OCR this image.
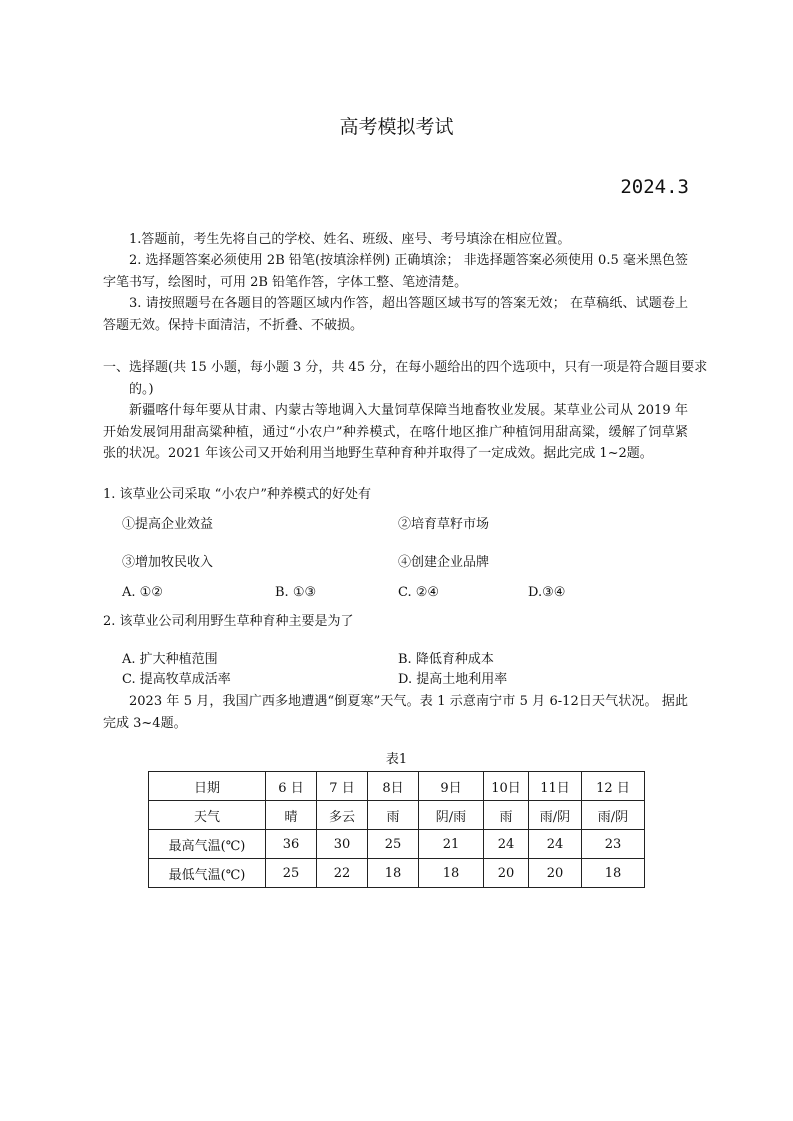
高考模拟考试
2024.3
1.答题前，考生先将自己的学校、姓名、班级、座号、考号填涂在相应位置。
2. 选择题答案必须使用 2B 铅笔(按填涂样例) 正确填涂； 非选择题答案必须使用 0.5 毫米黑色签字笔书写，绘图时，可用 2B 铅笔作答，字体工整、笔迹清楚。
3. 请按照题号在各题目的答题区域内作答，超出答题区域书写的答案无效； 在草稿纸、试题卷上答题无效。保持卡面清洁，不折叠、不破损。
一、选择题(共 15 小题，每小题 3 分，共 45 分，在每小题给出的四个选项中，只有一项是符合题目要求的。)
新疆喀什每年要从甘肃、内蒙古等地调入大量饲草保障当地畜牧业发展。某草业公司从 2019 年开始发展饲用甜高粱种植，通过“小农户”种养模式，在喀什地区推广种植饲用甜高粱，缓解了饲草紧张的状况。2021 年该公司又开始利用当地野生草种育种并取得了一定成效。据此完成 1~2题。
1. 该草业公司采取 “小农户”种养模式的好处有
①提高企业效益	②培育草籽市场
③增加牧民收入	④创建企业品牌
A. ①②	B. ①③	C. ②④	D.③④
2. 该草业公司利用野生草种育种主要是为了
A. 扩大种植范围	B. 降低育种成本
C. 提高牧草成活率	D. 提高土地利用率
2023 年 5 月，我国广西多地遭遇“倒夏寒”天气。表 1 示意南宁市 5 月 6-12日天气状况。 据此完成 3~4题。
表1
日期	6 日	7 日	8日	9日	10日	11日	12 日
天气	晴	多云	雨	阴/雨	雨	雨/阴	雨/阴
最高气温(℃)	36	30	25	21	24	24	23
最低气温(℃)	25	22	18	18	20	20	18
